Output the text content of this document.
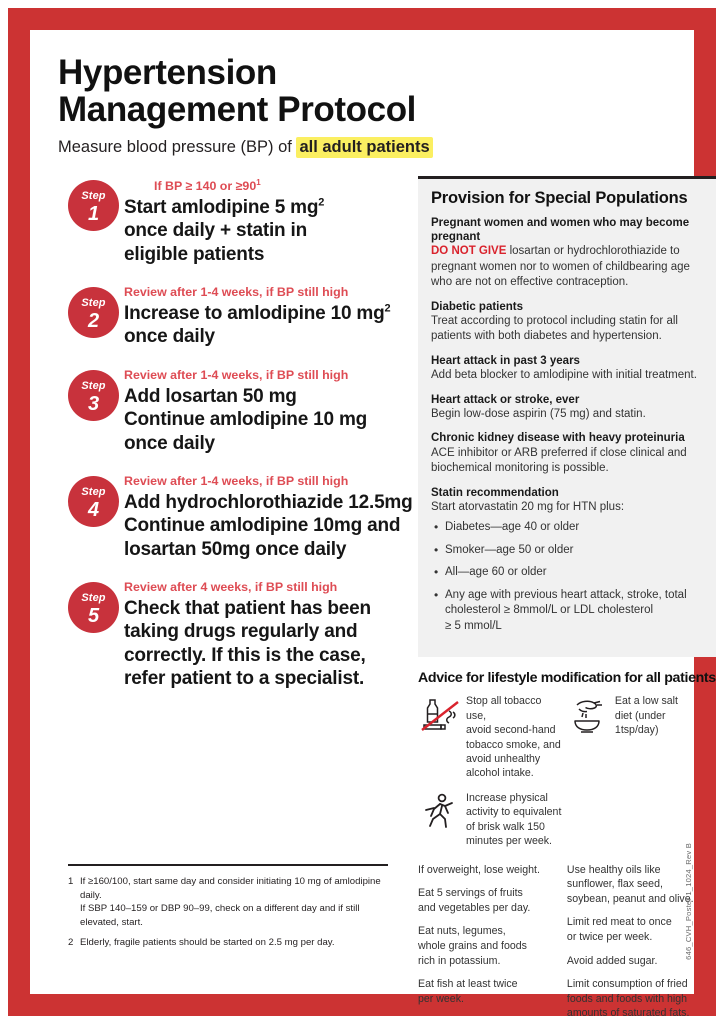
Hypertension
Management Protocol
Measure blood pressure (BP) of all adult patients
Step
1
If BP ≥ 140 or $\ge 90^1$
Start amlodipine 5 $mg^2$
once daily + statin in
eligible patients
Step
2
Review after 1-4 weeks, if BP still high
Increase to amlodipine 10 $mg^2$
once daily
Step
3
Review after 1-4 weeks, if BP still high
Add losartan 50 mg
Continue amlodipine 10 mg
once daily
Step
4
Review after 1-4 weeks, if BP still high
Add hydrochlorothiazide 12.5mg
Continue amlodipine 10mg and
losartan 50mg once daily
Step
5
Review after 4 weeks, if BP still high
Check that patient has been
taking drugs regularly and
correctly. If this is the case,
refer patient to a specialist.
1 If ≥160/100, start same day and consider initiating 10 mg of amlodipine daily.
If SBP 140–159 or DBP 90–99, check on a different day and if still elevated, start.
2 Elderly, fragile patients should be started on 2.5 mg per day.
Provision for Special Populations
Pregnant women and women who may become pregnant
DO NOT GIVE losartan or hydrochlorothiazide to pregnant women nor to women of childbearing age who are not on effective contraception.
Diabetic patients
Treat according to protocol including statin for all patients with both diabetes and hypertension.
Heart attack in past 3 years
Add beta blocker to amlodipine with initial treatment.
Heart attack or stroke, ever
Begin low-dose aspirin (75 mg) and statin.
Chronic kidney disease with heavy proteinuria
ACE inhibitor or ARB preferred if close clinical and biochemical monitoring is possible.
Statin recommendation
Start atorvastatin 20 mg for HTN plus:
• Diabetes—age 40 or older
• Smoker—age 50 or older
• All—age 60 or older
• Any age with previous heart attack, stroke, total
cholesterol ≥ 8mmol/L or LDL cholesterol
≥ 5 mmol/L
Advice for lifestyle modification for all patients
Stop all tobacco use,
avoid second-hand
tobacco smoke, and
avoid unhealthy
alcohol intake.
Eat a low salt
diet (under
1tsp/day)
Increase physical
activity to equivalent
of brisk walk 150
minutes per week.
If overweight, lose weight.
Eat 5 servings of fruits
and vegetables per day.
Eat nuts, legumes,
whole grains and foods
rich in potassium.
Eat fish at least twice
per week.
Use healthy oils like
sunflower, flax seed,
soybean, peanut and olive.
Limit red meat to once
or twice per week.
Avoid added sugar.
Limit consumption of fried
foods and foods with high
amounts of saturated fats.
646_CVH_Poster 1_1024_Rev B
